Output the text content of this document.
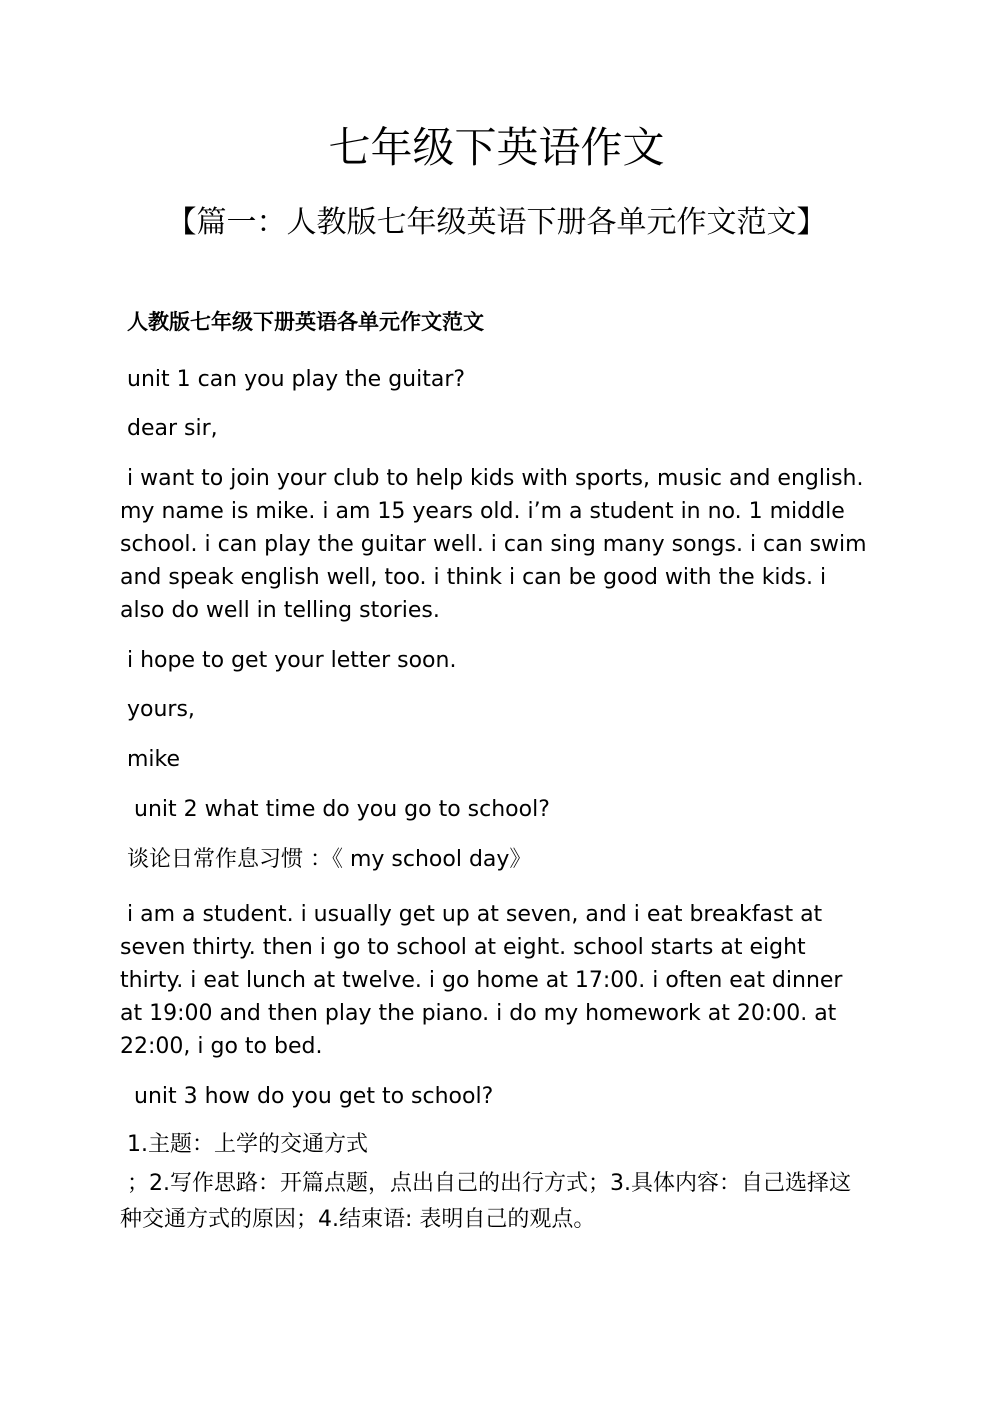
七年级下英语作文
【篇一：人教版七年级英语下册各单元作文范文】
人教版七年级下册英语各单元作文范文
unit 1 can you play the guitar?
dear sir,
i want to join your club to help kids with sports, music and english. my name is mike. i am 15 years old. i’m a student in no. 1 middle school. i can play the guitar well. i can sing many songs. i can swim and speak english well, too. i think i can be good with the kids. i also do well in telling stories.
i hope to get your letter soon.
yours,
mike
unit 2 what time do you go to school?
谈论日常作息习惯 ：《 my school day》
i am a student. i usually get up at seven, and i eat breakfast at seven thirty. then i go to school at eight. school starts at eight thirty. i eat lunch at twelve. i go home at 17:00. i often eat dinner at 19:00 and then play the piano. i do my homework at 20:00. at 22:00, i go to bed.
unit 3 how do you get to school?
1.主题：上学的交通方式
；2.写作思路：开篇点题，点出自己的出行方式；3.具体内容：自己选择这种交通方式的原因；4.结束语: 表明自己的观点。
